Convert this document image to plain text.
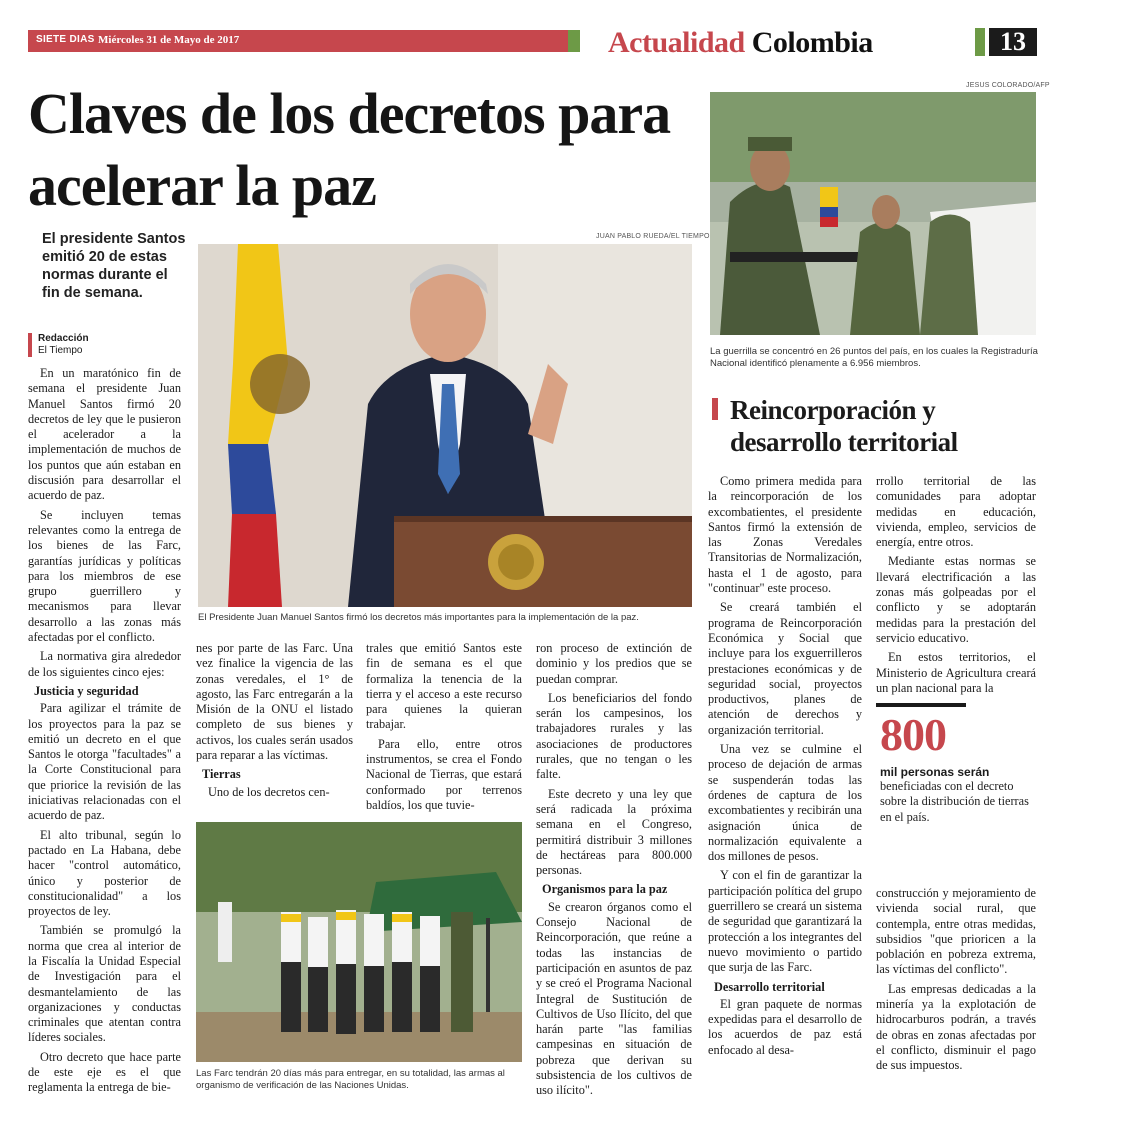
SIETE DIAS Miércoles 31 de Mayo de 2017	Actualidad Colombia	13
Claves de los decretos para acelerar la paz
El presidente Santos emitió 20 de estas normas durante el fin de semana.
Redacción
El Tiempo
JUAN PABLO RUEDA/EL TIEMPO
El Presidente Juan Manuel Santos firmó los decretos más importantes para la implementación de la paz.
JESUS COLORADO/AFP
La guerrilla se concentró en 26 puntos del país, en los cuales la Registraduría Nacional identificó plenamente a 6.956 miembros.

En un maratónico fin de semana el presidente Juan Manuel Santos firmó 20 decretos de ley que le pusieron el acelerador a la implementación de muchos de los puntos que aún estaban en discusión para desarrollar el acuerdo de paz.

Se incluyen temas relevantes como la entrega de los bienes de las Farc, garantías jurídicas y políticas para los miembros de ese grupo guerrillero y mecanismos para llevar desarrollo a las zonas más afectadas por el conflicto.

La normativa gira alrededor de los siguientes cinco ejes:

Justicia y seguridad

Para agilizar el trámite de los proyectos para la paz se emitió un decreto en el que Santos le otorga "facultades" a la Corte Constitucional para que priorice la revisión de las iniciativas relacionadas con el acuerdo de paz.

El alto tribunal, según lo pactado en La Habana, debe hacer "control automático, único y posterior de constitucionalidad" a los proyectos de ley.

También se promulgó la norma que crea al interior de la Fiscalía la Unidad Especial de Investigación para el desmantelamiento de las organizaciones y conductas criminales que atentan contra líderes sociales.

Otro decreto que hace parte de este eje es el que reglamenta la entrega de bie-

nes por parte de las Farc. Una vez finalice la vigencia de las zonas veredales, el 1° de agosto, las Farc entregarán a la Misión de la ONU el listado completo de sus bienes y activos, los cuales serán usados para reparar a las víctimas.

Tierras

Uno de los decretos cen-

trales que emitió Santos este fin de semana es el que formaliza la tenencia de la tierra y el acceso a este recurso para quienes la quieran trabajar.

Para ello, entre otros instrumentos, se crea el Fondo Nacional de Tierras, que estará conformado por terrenos baldíos, los que tuvie-

Las Farc tendrán 20 días más para entregar, en su totalidad, las armas al organismo de verificación de las Naciones Unidas.

ron proceso de extinción de dominio y los predios que se puedan comprar.

Los beneficiarios del fondo serán los campesinos, los trabajadores rurales y las asociaciones de productores rurales, que no tengan o les falte.

Este decreto y una ley que será radicada la próxima semana en el Congreso, permitirá distribuir 3 millones de hectáreas para 800.000 personas.

Organismos para la paz

Se crearon órganos como el Consejo Nacional de Reincorporación, que reúne a todas las instancias de participación en asuntos de paz y se creó el Programa Nacional Integral de Sustitución de Cultivos de Uso Ilícito, del que harán parte "las familias campesinas en situación de pobreza que derivan su subsistencia de los cultivos de uso ilícito".

Reincorporación y desarrollo territorial

Como primera medida para la reincorporación de los excombatientes, el presidente Santos firmó la extensión de las Zonas Veredales Transitorias de Normalización, hasta el 1 de agosto, para "continuar" este proceso.

Se creará también el programa de Reincorporación Económica y Social que incluye para los exguerrilleros prestaciones económicas y de seguridad social, proyectos productivos, planes de atención de derechos y organización territorial.

Una vez se culmine el proceso de dejación de armas se suspenderán todas las órdenes de captura de los excombatientes y recibirán una asignación única de normalización equivalente a dos millones de pesos.

Y con el fin de garantizar la participación política del grupo guerrillero se creará un sistema de seguridad que garantizará la protección a los integrantes del nuevo movimiento o partido que surja de las Farc.

Desarrollo territorial

El gran paquete de normas expedidas para el desarrollo de los acuerdos de paz está enfocado al desa-

rrollo territorial de las comunidades para adoptar medidas en educación, vivienda, empleo, servicios de energía, entre otros.

Mediante estas normas se llevará electrificación a las zonas más golpeadas por el conflicto y se adoptarán medidas para la prestación del servicio educativo.

En estos territorios, el Ministerio de Agricultura creará un plan nacional para la

800
mil personas serán
beneficiadas con el decreto sobre la distribución de tierras en el país.

construcción y mejoramiento de vivienda social rural, que contempla, entre otras medidas, subsidios "que prioricen a la población en pobreza extrema, las víctimas del conflicto".

Las empresas dedicadas a la minería ya la explotación de hidrocarburos podrán, a través de obras en zonas afectadas por el conflicto, disminuir el pago de sus impuestos.
